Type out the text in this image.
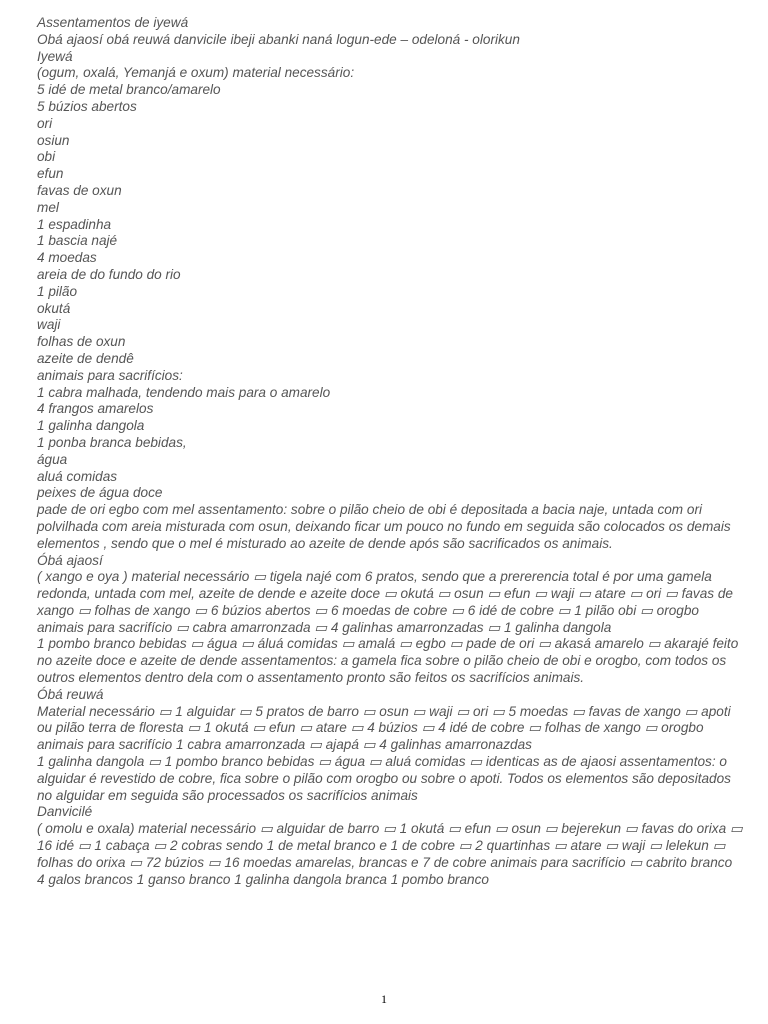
Assentamentos de iyewá
Obá ajaosí obá reuwá danvicile ibeji abanki naná logun-ede – odeloná - olorikun
Iyewá
(ogum, oxalá, Yemanjá e oxum) material necessário:
5 idé de metal branco/amarelo
5 búzios abertos
ori
osiun
obi
efun
favas de oxun
mel
1 espadinha
1 bascia najé
4 moedas
areia de do fundo do rio
1 pilão
okutá
waji
folhas de oxun
azeite de dendê
animais para sacrifícios:
1 cabra malhada, tendendo mais para o amarelo
4 frangos amarelos
1 galinha dangola
1 ponba branca bebidas,
água
aluá comidas
peixes de água doce
pade de ori egbo com mel assentamento: sobre o pilão cheio de obi é depositada a bacia naje, untada com ori polvilhada com areia misturada com osun, deixando ficar um pouco no fundo em seguida são colocados os demais elementos , sendo que o mel é misturado ao azeite de dende após são sacrificados os animais.
Óbá ajaosí
( xango e oya ) material necessário ▭ tigela najé com 6 pratos, sendo que a prererencia total é por uma gamela redonda, untada com mel, azeite de dende e azeite doce ▭ okutá ▭ osun ▭ efun ▭ waji ▭ atare ▭ ori ▭ favas de xango ▭ folhas de xango ▭ 6 búzios abertos ▭ 6 moedas de cobre ▭ 6 idé de cobre ▭ 1 pilão obi ▭ orogbo animais para sacrifício ▭ cabra amarronzada ▭ 4 galinhas amarronzadas ▭ 1 galinha dangola
1 pombo branco bebidas ▭ água ▭ áluá comidas ▭ amalá ▭ egbo ▭ pade de ori ▭ akasá amarelo ▭ akarajé feito no azeite doce e azeite de dende assentamentos: a gamela fica sobre o pilão cheio de obi e orogbo, com todos os outros elementos dentro dela com o assentamento pronto são feitos os sacrifícios animais.
Óbá reuwá
Material necessário ▭ 1 alguidar ▭ 5 pratos de barro ▭ osun ▭ waji ▭ ori ▭ 5 moedas ▭ favas de xango ▭ apoti ou pilão terra de floresta ▭ 1 okutá ▭ efun ▭ atare ▭ 4 búzios ▭ 4 idé de cobre ▭ folhas de xango ▭ orogbo animais para sacrifício 1 cabra amarronzada ▭ ajapá ▭ 4 galinhas amarronazdas
1 galinha dangola ▭ 1 pombo branco bebidas ▭ água ▭ aluá comidas ▭ identicas as de ajaosi assentamentos: o alguidar é revestido de cobre, fica sobre o pilão com orogbo ou sobre o apoti. Todos os elementos são depositados no alguidar em seguida são processados os sacrifícios animais
Danvicilé
( omolu e oxala) material necessário ▭ alguidar de barro ▭ 1 okutá ▭ efun ▭ osun ▭ bejerekun ▭ favas do orixa ▭ 16 idé ▭ 1 cabaça ▭ 2 cobras sendo 1 de metal branco e 1 de cobre ▭ 2 quartinhas ▭ atare ▭ waji ▭ lelekun ▭ folhas do orixa ▭ 72 búzios ▭ 16 moedas amarelas, brancas e 7 de cobre animais para sacrifício ▭ cabrito branco
4 galos brancos 1 ganso branco 1 galinha dangola branca 1 pombo branco
1
